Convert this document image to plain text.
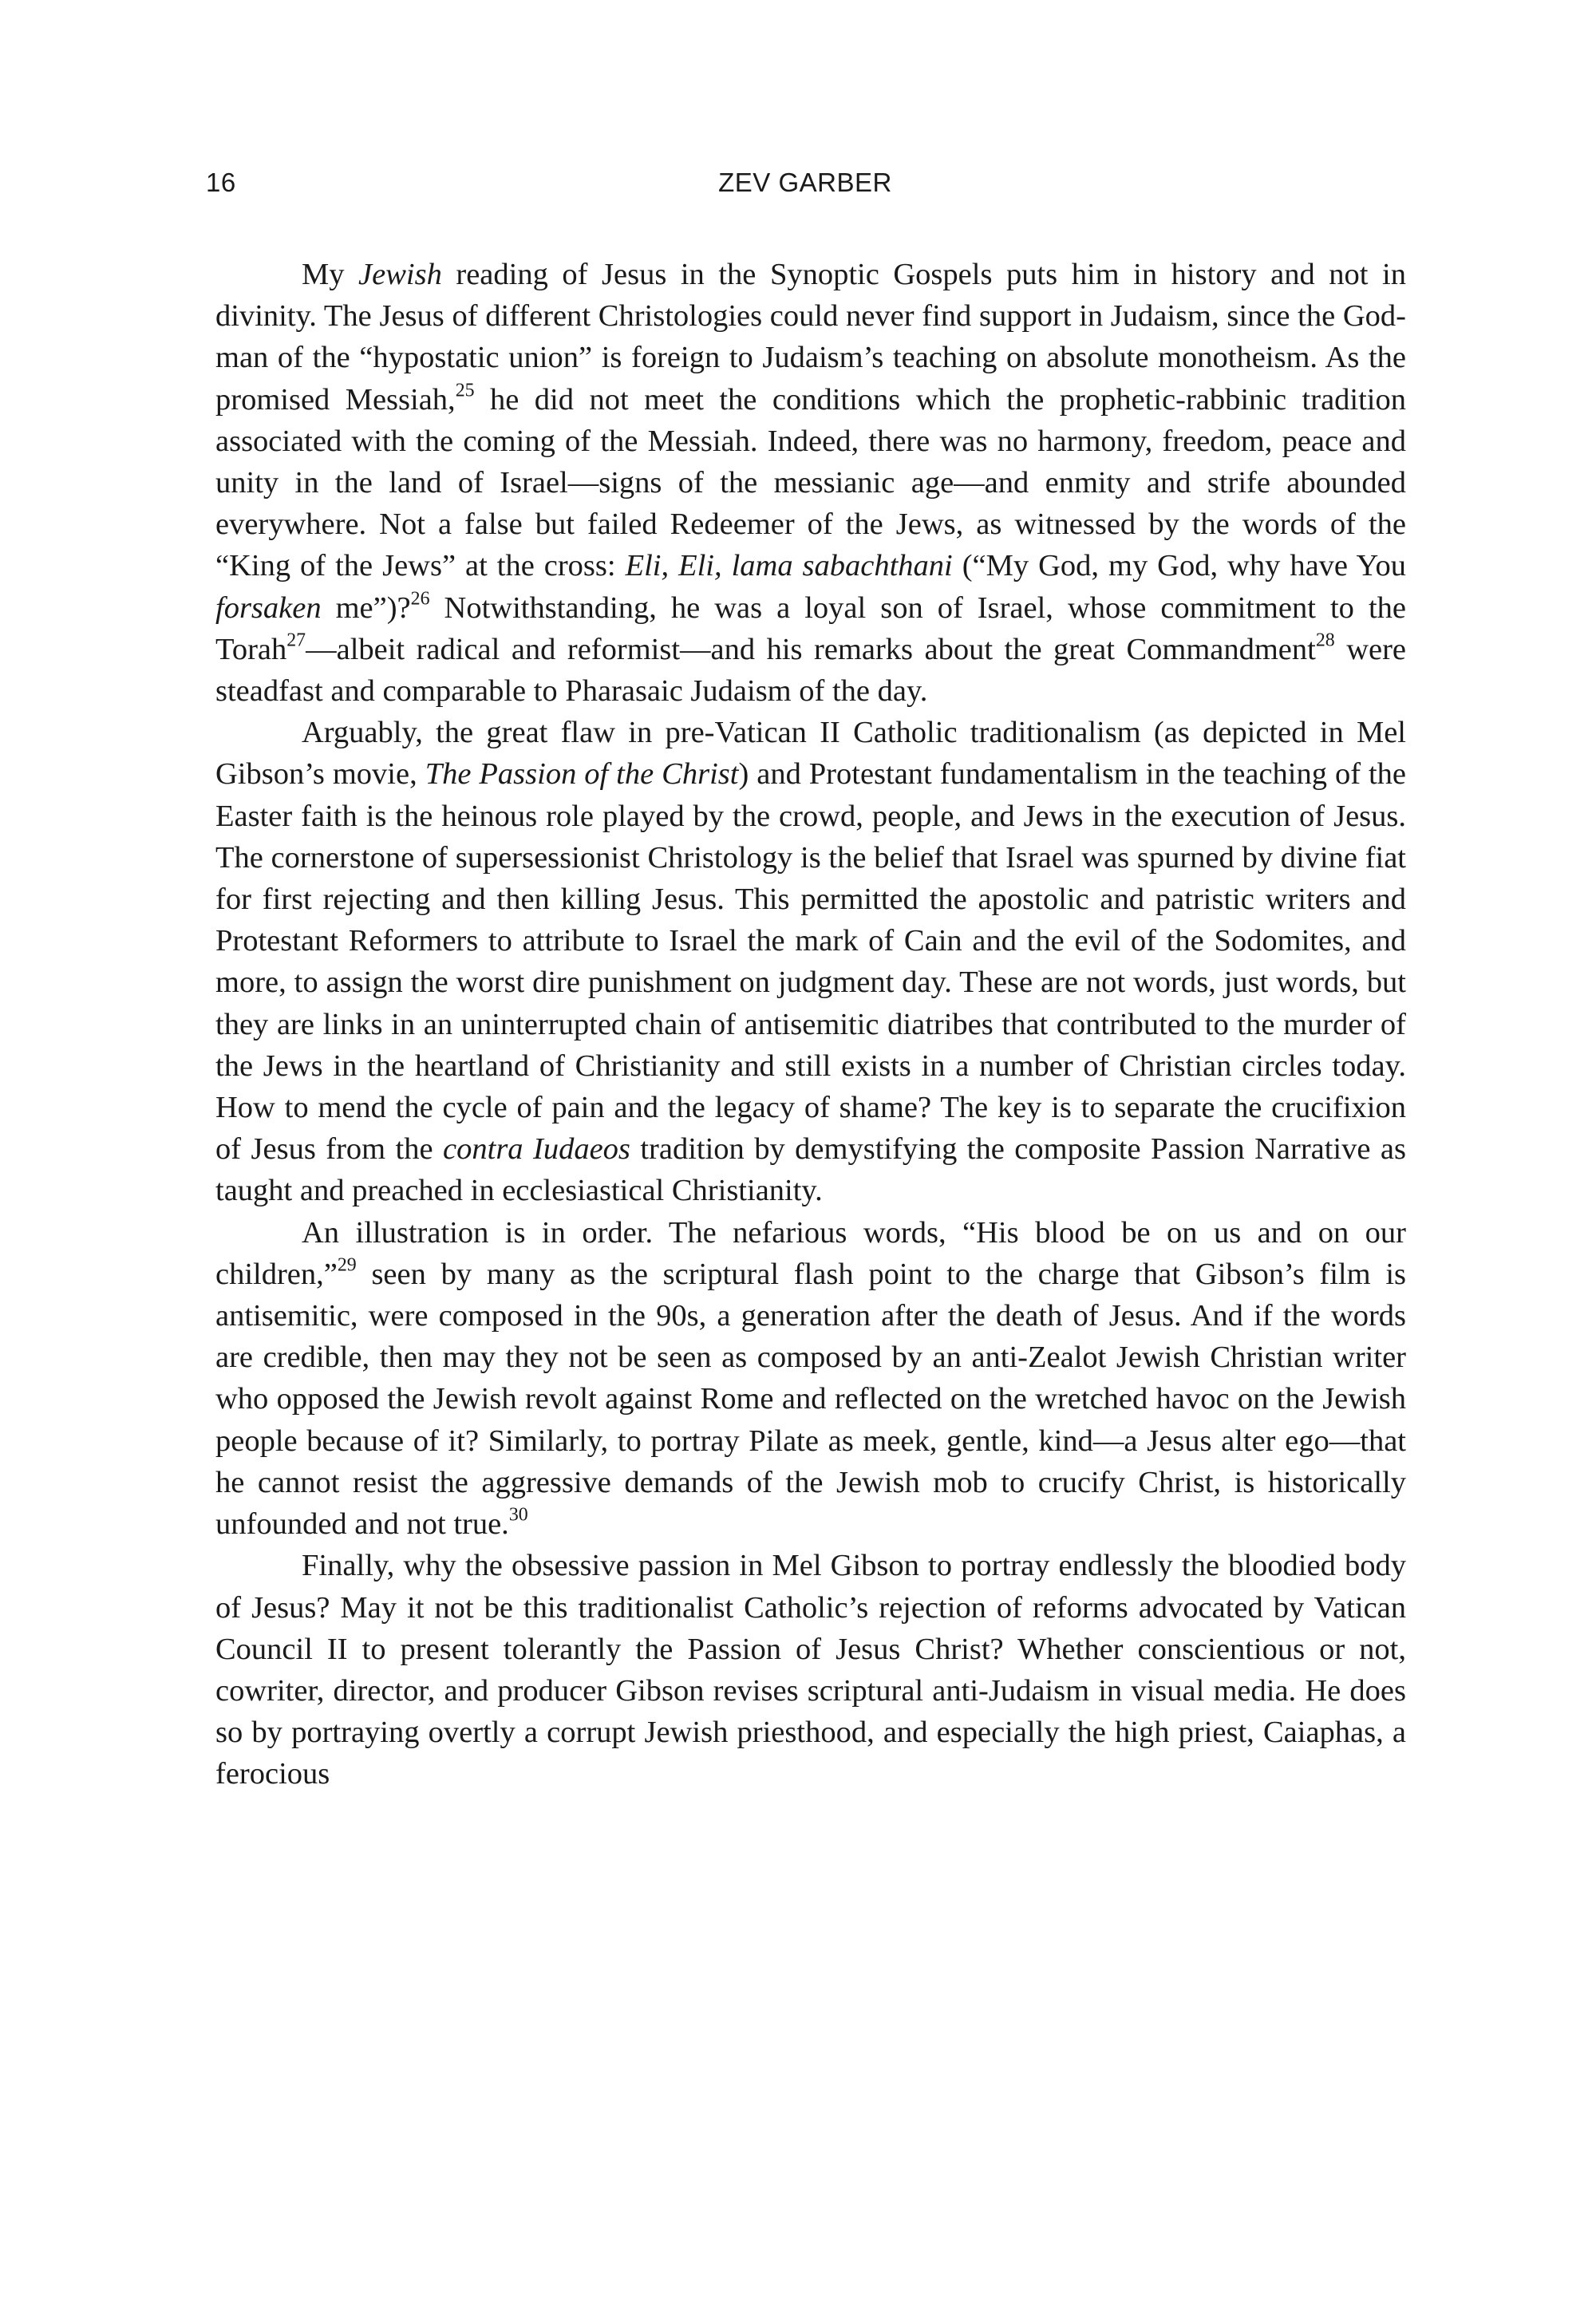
16	ZEV GARBER

My Jewish reading of Jesus in the Synoptic Gospels puts him in history and not in divinity. The Jesus of different Christologies could never find support in Judaism, since the God-man of the “hypostatic union” is foreign to Judaism’s teaching on absolute monotheism. As the promised Messiah,$^{25}$ he did not meet the conditions which the prophetic-rabbinic tradition associated with the coming of the Messiah. Indeed, there was no harmony, freedom, peace and unity in the land of Israel—signs of the messianic age—and enmity and strife abounded everywhere. Not a false but failed Redeemer of the Jews, as witnessed by the words of the “King of the Jews” at the cross: Eli, Eli, lama sabachthani (“My God, my God, why have You forsaken me”)?$^{26}$ Notwithstanding, he was a loyal son of Israel, whose commitment to the Torah$^{27}$—albeit radical and reformist—and his remarks about the great Commandment$^{28}$ were steadfast and comparable to Pharasaic Judaism of the day.

Arguably, the great flaw in pre-Vatican II Catholic traditionalism (as depicted in Mel Gibson’s movie, The Passion of the Christ) and Protestant fundamentalism in the teaching of the Easter faith is the heinous role played by the crowd, people, and Jews in the execution of Jesus. The cornerstone of supersessionist Christology is the belief that Israel was spurned by divine fiat for first rejecting and then killing Jesus. This permitted the apostolic and patristic writers and Protestant Reformers to attribute to Israel the mark of Cain and the evil of the Sodomites, and more, to assign the worst dire punishment on judgment day. These are not words, just words, but they are links in an uninterrupted chain of antisemitic diatribes that contributed to the murder of the Jews in the heartland of Christianity and still exists in a number of Christian circles today. How to mend the cycle of pain and the legacy of shame? The key is to separate the crucifixion of Jesus from the contra Iudaeos tradition by demystifying the composite Passion Narrative as taught and preached in ecclesiastical Christianity.

An illustration is in order. The nefarious words, “His blood be on us and on our children,”$^{29}$ seen by many as the scriptural flash point to the charge that Gibson’s film is antisemitic, were composed in the 90s, a generation after the death of Jesus. And if the words are credible, then may they not be seen as composed by an anti-Zealot Jewish Christian writer who opposed the Jewish revolt against Rome and reflected on the wretched havoc on the Jewish people because of it? Similarly, to portray Pilate as meek, gentle, kind—a Jesus alter ego—that he cannot resist the aggressive demands of the Jewish mob to crucify Christ, is historically unfounded and not true.$^{30}$

Finally, why the obsessive passion in Mel Gibson to portray endlessly the bloodied body of Jesus? May it not be this traditionalist Catholic’s rejection of reforms advocated by Vatican Council II to present tolerantly the Passion of Jesus Christ? Whether conscientious or not, cowriter, director, and producer Gibson revises scriptural anti-Judaism in visual media. He does so by portraying overtly a corrupt Jewish priesthood, and especially the high priest, Caiaphas, a ferocious
